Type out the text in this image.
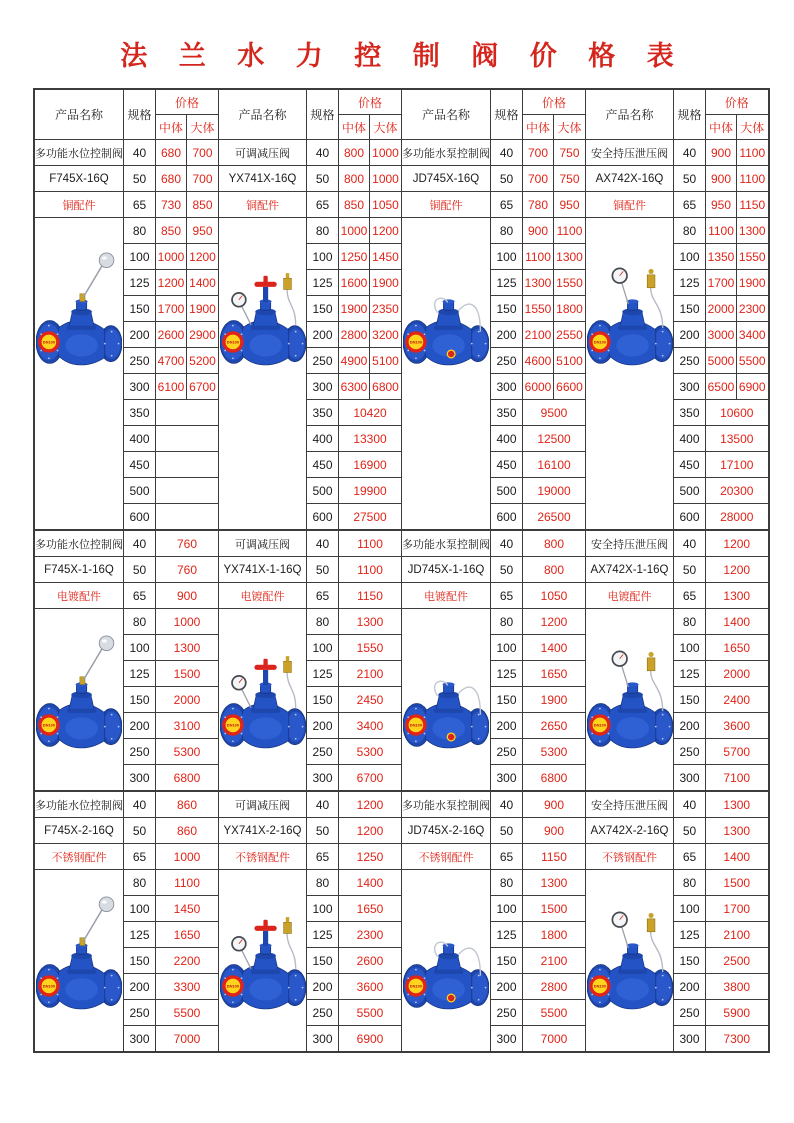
法 兰 水 力 控 制 阀 价 格 表
产品名称	规格	价格		产品名称	规格	价格		产品名称	规格	价格		产品名称	规格	价格	
		中体	大体			中体	大体			中体	大体			中体	大体
多功能水位控制阀	40	680	700	可调减压阀	40	800	1000	多功能水泵控制阀	40	700	750	安全持压泄压阀	40	900	1100
F745X-16Q	50	680	700	YX741X-16Q	50	800	1000	JD745X-16Q	50	700	750	AX742X-16Q	50	900	1100
铜配件	65	730	850	铜配件	65	850	1050	铜配件	65	780	950	铜配件	65	950	1150

DN100	80	850	950	DN100	80	1000	1200	DN100	80	900	1100	DN100	80	1100	1300
	100	1000	1200		100	1250	1450		100	1100	1300		100	1350	1550
	125	1200	1400		125	1600	1900		125	1300	1550		125	1700	1900
	150	1700	1900		150	1900	2350		150	1550	1800		150	2000	2300
	200	2600	2900		200	2800	3200		200	2100	2550		200	3000	3400
	250	4700	5200		250	4900	5100		250	4600	5100		250	5000	5500
	300	6100	6700		300	6300	6800		300	6000	6600		300	6500	6900
	350				350	10420			350	9500			350	10600	
	400				400	13300			400	12500			400	13500	
	450				450	16900			450	16100			450	17100	
	500				500	19900			500	19000			500	20300	
	600				600	27500			600	26500			600	28000	
多功能水位控制阀	40	760		可调减压阀	40	1100		多功能水泵控制阀	40	800		安全持压泄压阀	40	1200	
F745X-1-16Q	50	760		YX741X-1-16Q	50	1100		JD745X-1-16Q	50	800		AX742X-1-16Q	50	1200	
电镀配件	65	900		电镀配件	65	1150		电镀配件	65	1050		电镀配件	65	1300	

DN100	80	1000		DN100	80	1300		DN100	80	1200		DN100	80	1400	
	100	1300			100	1550			100	1400			100	1650	
	125	1500			125	2100			125	1650			125	2000	
	150	2000			150	2450			150	1900			150	2400	
	200	3100			200	3400			200	2650			200	3600	
	250	5300			250	5300			250	5300			250	5700	
	300	6800			300	6700			300	6800			300	7100	
多功能水位控制阀	40	860		可调减压阀	40	1200		多功能水泵控制阀	40	900		安全持压泄压阀	40	1300	
F745X-2-16Q	50	860		YX741X-2-16Q	50	1200		JD745X-2-16Q	50	900		AX742X-2-16Q	50	1300	
不锈钢配件	65	1000		不锈钢配件	65	1250		不锈钢配件	65	1150		不锈钢配件	65	1400	

DN100	80	1100		DN100	80	1400		DN100	80	1300		DN100	80	1500	
	100	1450			100	1650			100	1500			100	1700	
	125	1650			125	2300			125	1800			125	2100	
	150	2200			150	2600			150	2100			150	2500	
	200	3300			200	3600			200	2800			200	3800	
	250	5500			250	5500			250	5500			250	5900	
	300	7000			300	6900			300	7000			300	7300	
